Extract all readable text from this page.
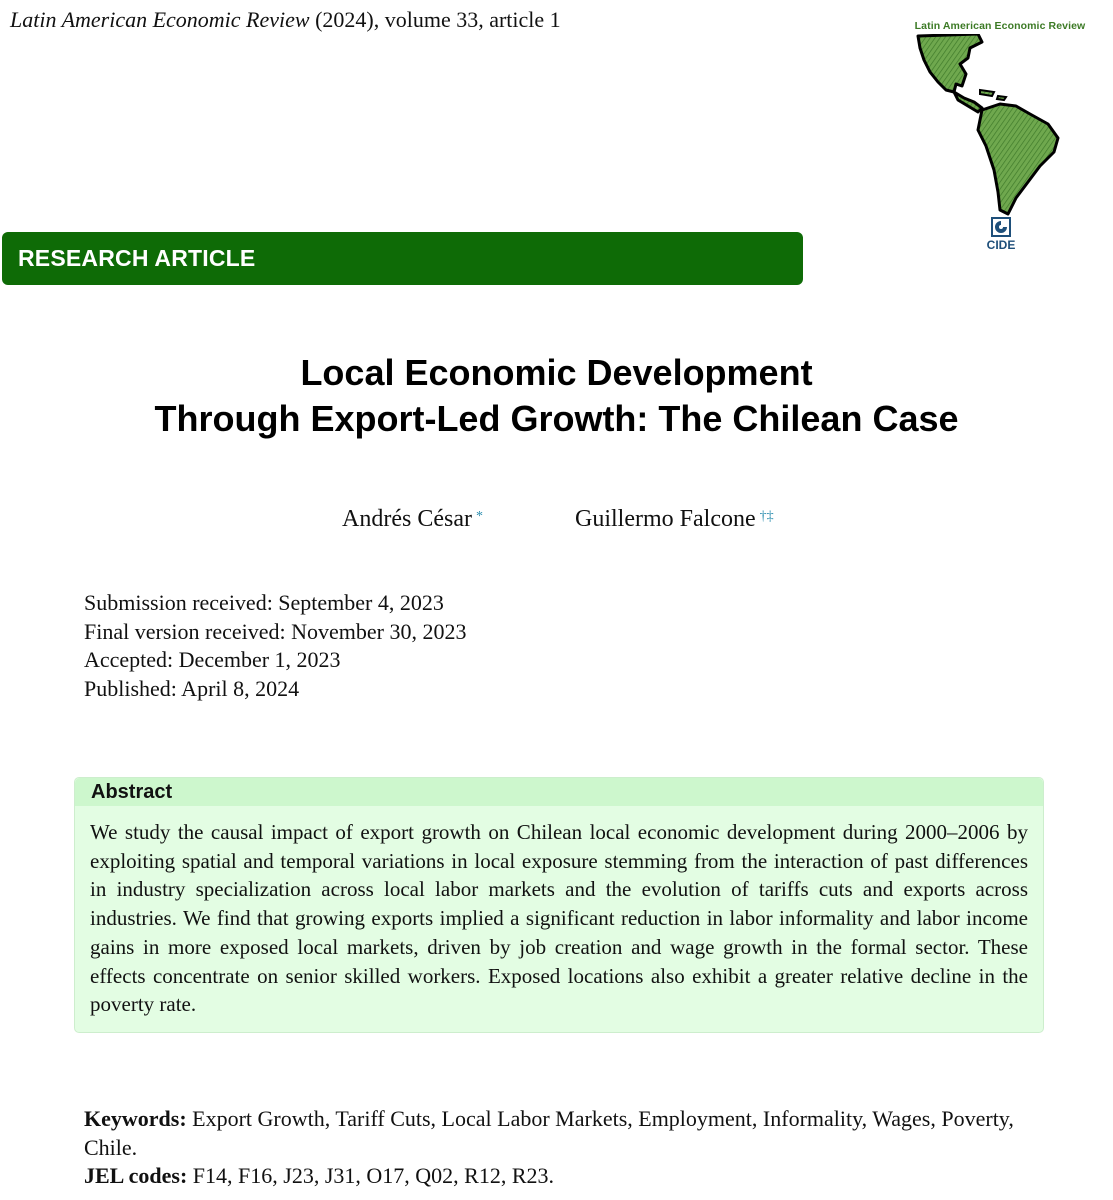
Latin American Economic Review (2024), volume 33, article 1	Latin American Economic Review
CIDE
RESEARCH ARTICLE
Local Economic Development
Through Export-Led Growth: The Chilean Case
Andrés César *	Guillermo Falcone †‡
Submission received: September 4, 2023
Final version received: November 30, 2023
Accepted: December 1, 2023
Published: April 8, 2024
Abstract
We study the causal impact of export growth on Chilean local economic development during 2000–2006 by exploiting spatial and temporal variations in local exposure stemming from the interaction of past differences in industry specialization across local labor markets and the evolution of tariffs cuts and exports across industries. We find that growing exports implied a significant reduction in labor informality and labor income gains in more exposed local markets, driven by job creation and wage growth in the formal sector. These effects concentrate on senior skilled workers. Exposed locations also exhibit a greater relative decline in the poverty rate.
Keywords: Export Growth, Tariff Cuts, Local Labor Markets, Employment, Informality, Wages, Poverty, Chile.
JEL codes: F14, F16, J23, J31, O17, Q02, R12, R23.
